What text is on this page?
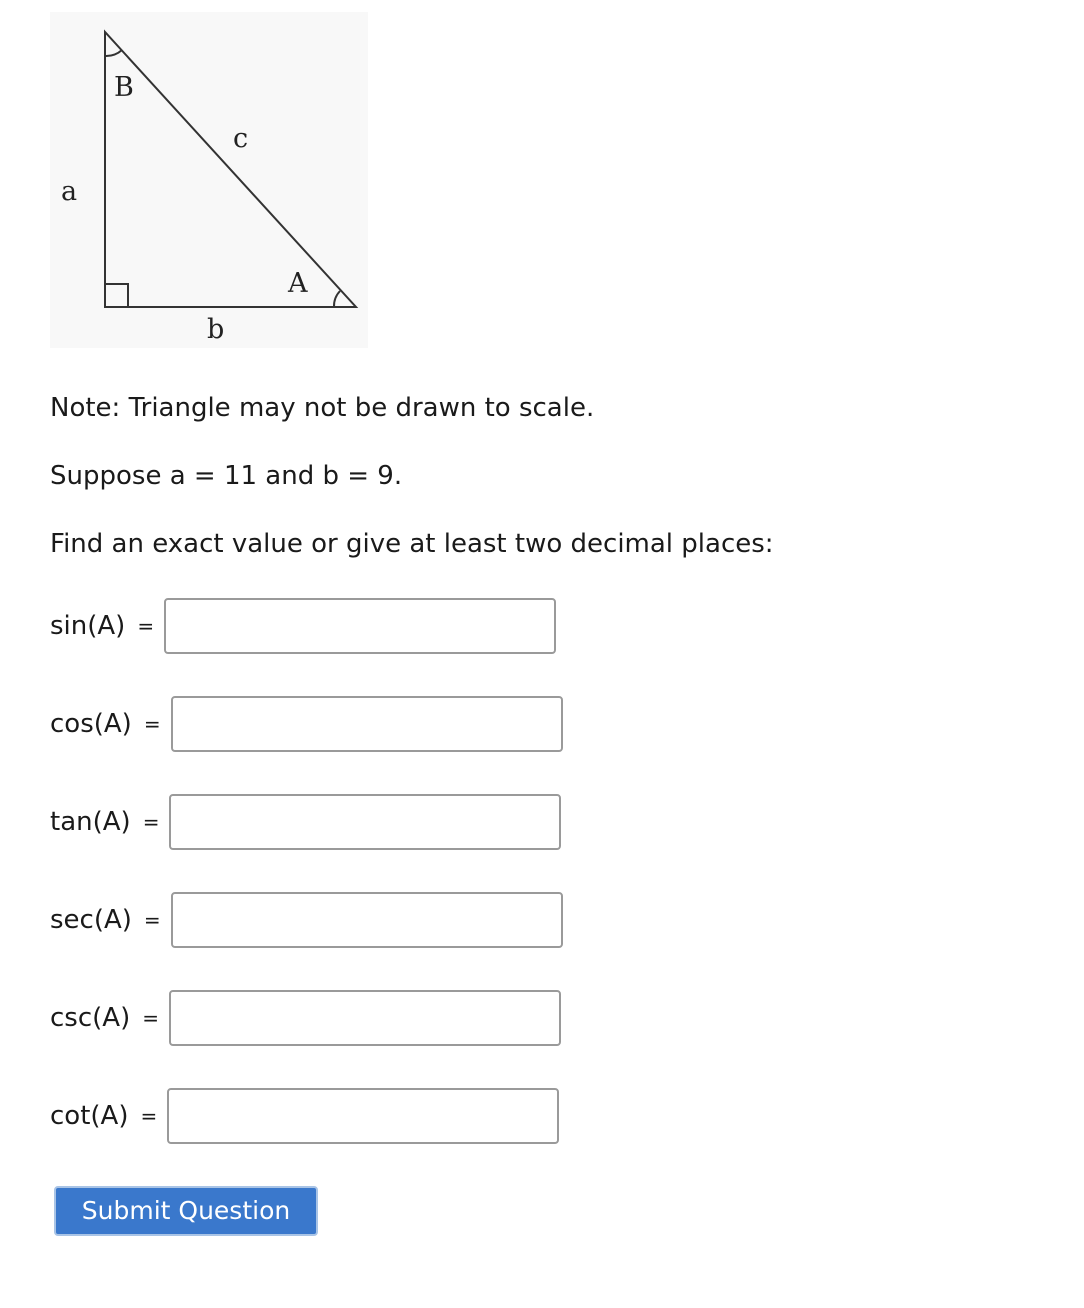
B
c
a
A
b
Note: Triangle may not be drawn to scale.
Suppose a = 11 and b = 9.
Find an exact value or give at least two decimal places:
sin(A) =
cos(A) =
tan(A) =
sec(A) =
csc(A) =
cot(A) =
Submit Question
